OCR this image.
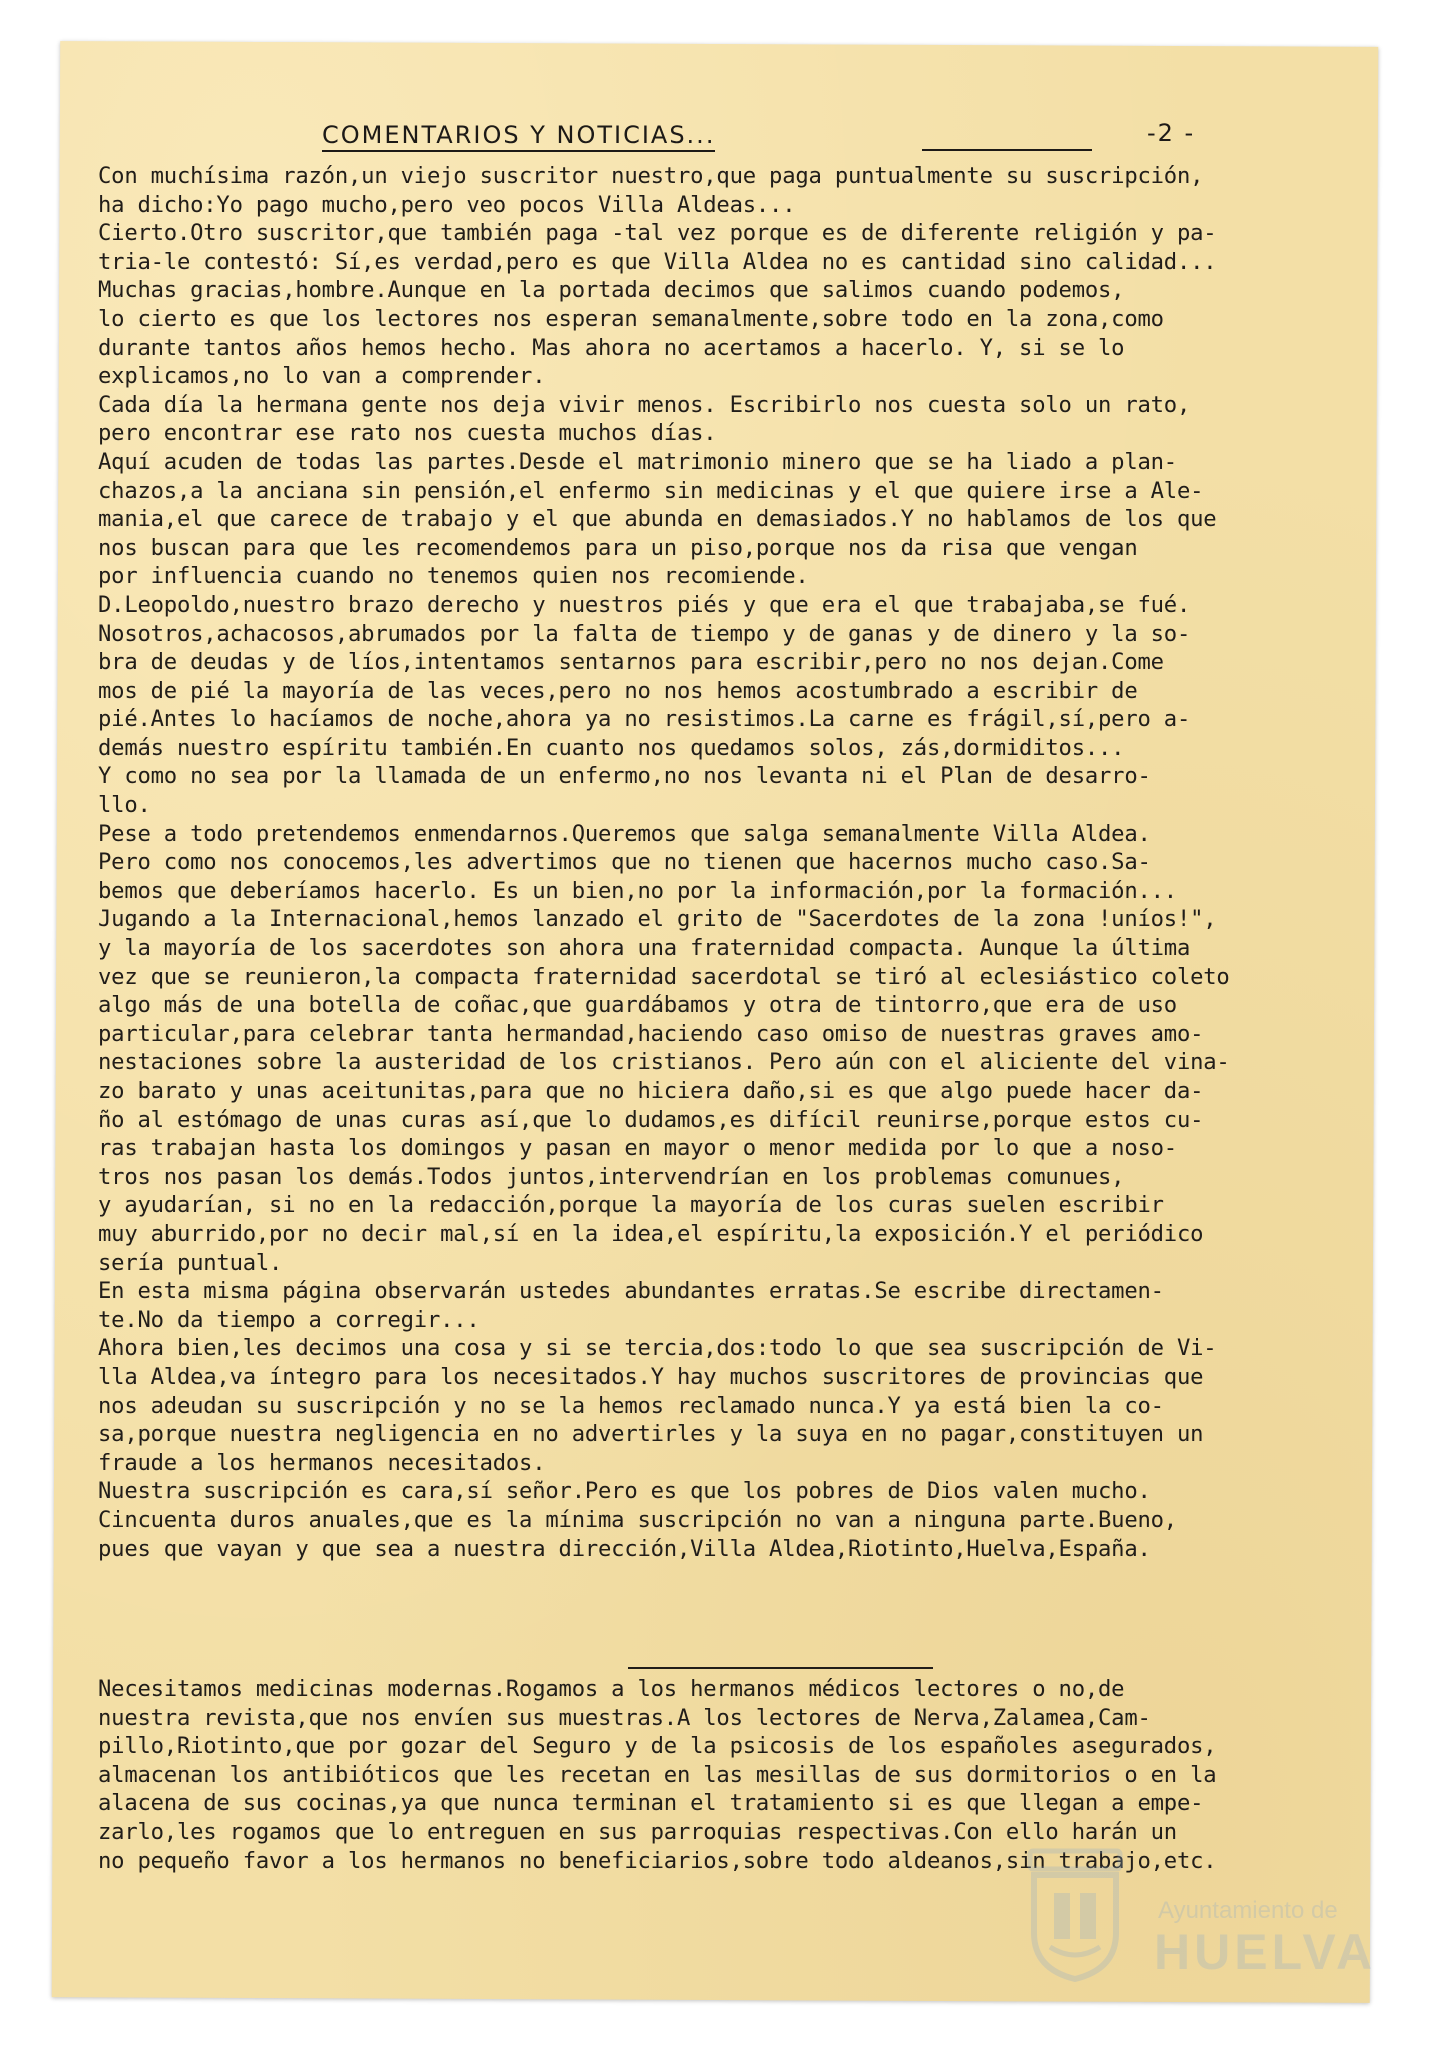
COMENTARIOS Y NOTICIAS...	-2 -
Con muchísima razón,un viejo suscritor nuestro,que paga puntualmente su suscripción,
ha dicho:Yo pago mucho,pero veo pocos Villa Aldeas...
Cierto.Otro suscritor,que también paga -tal vez porque es de diferente religión y pa-
tria-le contestó: Sí,es verdad,pero es que Villa Aldea no es cantidad sino calidad...
Muchas gracias,hombre.Aunque en la portada decimos que salimos cuando podemos,
lo cierto es que los lectores nos esperan semanalmente,sobre todo en la zona,como
durante tantos años hemos hecho. Mas ahora no acertamos a hacerlo. Y, si se lo
explicamos,no lo van a comprender.
Cada día la hermana gente nos deja vivir menos. Escribirlo nos cuesta solo un rato,
pero encontrar ese rato nos cuesta muchos días.
Aquí acuden de todas las partes.Desde el matrimonio minero que se ha liado a plan-
chazos,a la anciana sin pensión,el enfermo sin medicinas y el que quiere irse a Ale-
mania,el que carece de trabajo y el que abunda en demasiados.Y no hablamos de los que
nos buscan para que les recomendemos para un piso,porque nos da risa que vengan
por influencia cuando no tenemos quien nos recomiende.
D.Leopoldo,nuestro brazo derecho y nuestros piés y que era el que trabajaba,se fué.
Nosotros,achacosos,abrumados por la falta de tiempo y de ganas y de dinero y la so-
bra de deudas y de líos,intentamos sentarnos para escribir,pero no nos dejan.Come
mos de pié la mayoría de las veces,pero no nos hemos acostumbrado a escribir de
pié.Antes lo hacíamos de noche,ahora ya no resistimos.La carne es frágil,sí,pero a-
demás nuestro espíritu también.En cuanto nos quedamos solos, zás,dormiditos...
Y como no sea por la llamada de un enfermo,no nos levanta ni el Plan de desarro-
llo.
Pese a todo pretendemos enmendarnos.Queremos que salga semanalmente Villa Aldea.
Pero como nos conocemos,les advertimos que no tienen que hacernos mucho caso.Sa-
bemos que deberíamos hacerlo. Es un bien,no por la información,por la formación...
Jugando a la Internacional,hemos lanzado el grito de "Sacerdotes de la zona !uníos!",
y la mayoría de los sacerdotes son ahora una fraternidad compacta. Aunque la última
vez que se reunieron,la compacta fraternidad sacerdotal se tiró al eclesiástico coleto
algo más de una botella de coñac,que guardábamos y otra de tintorro,que era de uso
particular,para celebrar tanta hermandad,haciendo caso omiso de nuestras graves amo-
nestaciones sobre la austeridad de los cristianos. Pero aún con el aliciente del vina-
zo barato y unas aceitunitas,para que no hiciera daño,si es que algo puede hacer da-
ño al estómago de unas curas así,que lo dudamos,es difícil reunirse,porque estos cu-
ras trabajan hasta los domingos y pasan en mayor o menor medida por lo que a noso-
tros nos pasan los demás.Todos juntos,intervendrían en los problemas comunues,
y ayudarían, si no en la redacción,porque la mayoría de los curas suelen escribir
muy aburrido,por no decir mal,sí en la idea,el espíritu,la exposición.Y el periódico
sería puntual.
En esta misma página observarán ustedes abundantes erratas.Se escribe directamen-
te.No da tiempo a corregir...
Ahora bien,les decimos una cosa y si se tercia,dos:todo lo que sea suscripción de Vi-
lla Aldea,va íntegro para los necesitados.Y hay muchos suscritores de provincias que
nos adeudan su suscripción y no se la hemos reclamado nunca.Y ya está bien la co-
sa,porque nuestra negligencia en no advertirles y la suya en no pagar,constituyen un
fraude a los hermanos necesitados.
Nuestra suscripción es cara,sí señor.Pero es que los pobres de Dios valen mucho.
Cincuenta duros anuales,que es la mínima suscripción no van a ninguna parte.Bueno,
pues que vayan y que sea a nuestra dirección,Villa Aldea,Riotinto,Huelva,España.
Necesitamos medicinas modernas.Rogamos a los hermanos médicos lectores o no,de
nuestra revista,que nos envíen sus muestras.A los lectores de Nerva,Zalamea,Cam-
pillo,Riotinto,que por gozar del Seguro y de la psicosis de los españoles asegurados,
almacenan los antibióticos que les recetan en las mesillas de sus dormitorios o en la
alacena de sus cocinas,ya que nunca terminan el tratamiento si es que llegan a empe-
zarlo,les rogamos que lo entreguen en sus parroquias respectivas.Con ello harán un
no pequeño favor a los hermanos no beneficiarios,sobre todo aldeanos,sin trabajo,etc.
Ayuntamiento de
HUELVA
